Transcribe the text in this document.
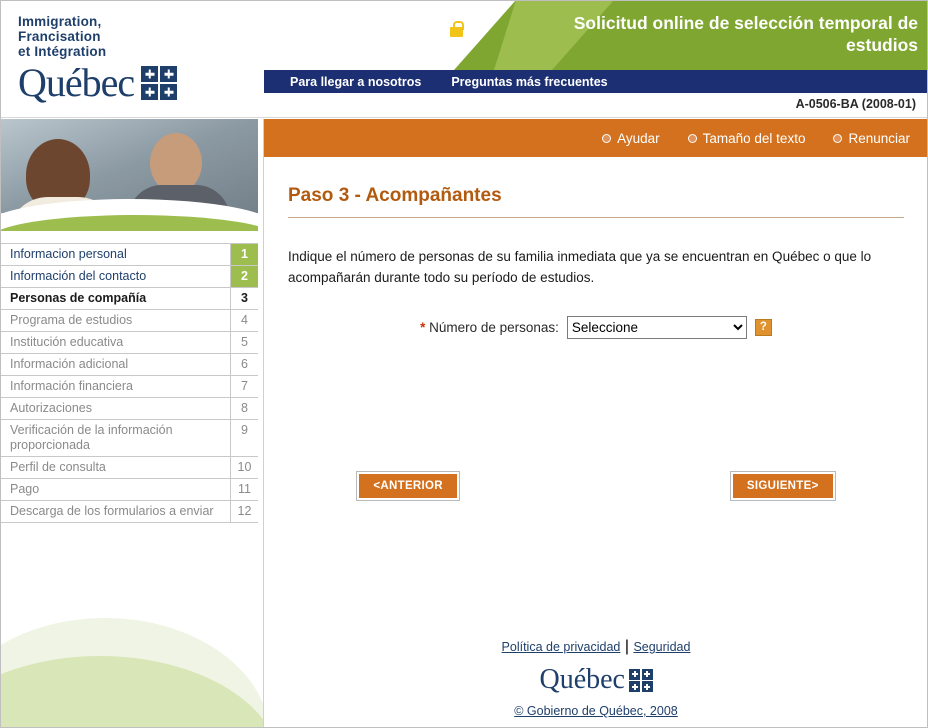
Immigration,
Francisation
et Intégration
Québec
Solicitud online de selección temporal de estudios
Electronic files
Para llegar a nosotros Preguntas más frecuentes
A-0506-BA (2008-01)
Ayudar	Tamaño del texto	Renunciar
Informacion personal	1
Información del contacto	2
Personas de compañía	3
Programa de estudios	4
Institución educativa	5
Información adicional	6
Información financiera	7
Autorizaciones	8
Verificación de la información proporcionada
9
Perfil de consulta	10
Pago	11
Descarga de los formularios a enviar	12
Paso 3 - Acompañantes
Indique el número de personas de su familia inmediata que ya se encuentran en Québec o que lo acompañarán durante todo su período de estudios.
* Número de personas:
Seleccione	?
<ANTERIOR	SIGUIENTE>
Política de privacidad | Seguridad
Québec
© Gobierno de Québec, 2008
